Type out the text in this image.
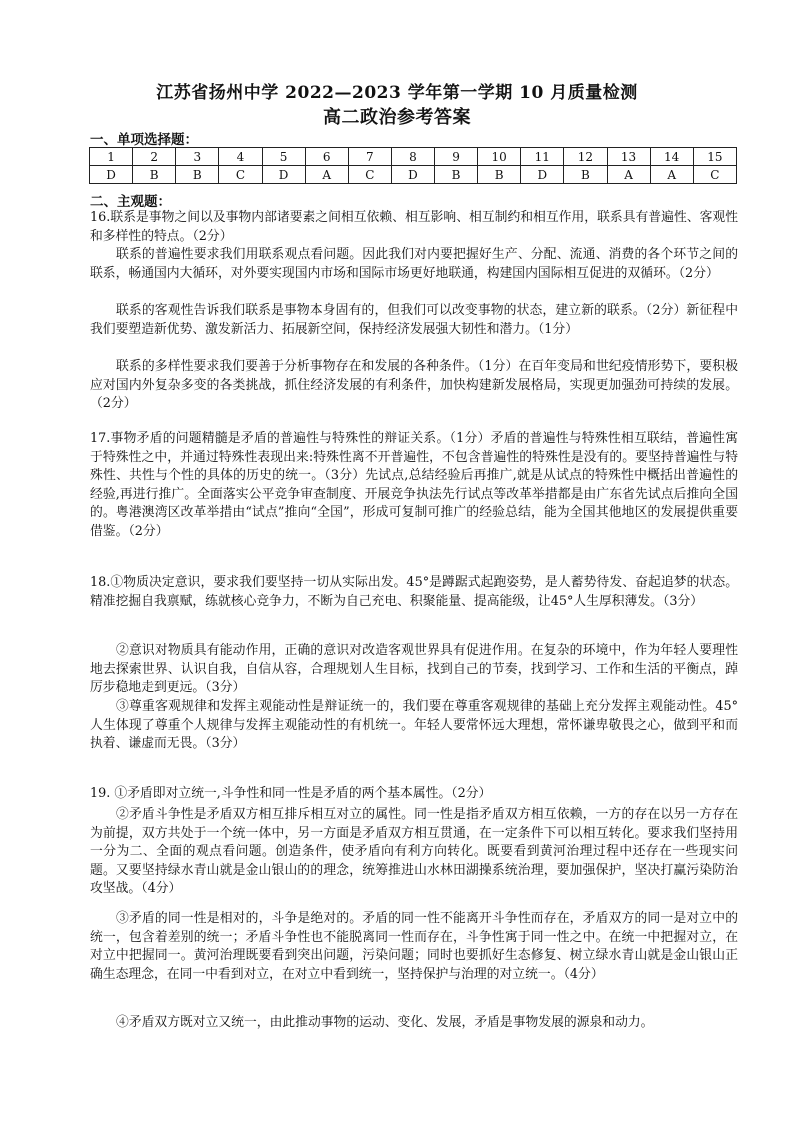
江苏省扬州中学 2022—2023 学年第一学期 10 月质量检测
高二政治参考答案
一、单项选择题：
1	2	3	4	5	6	7	8	9	10	11	12	13	14	15
D	B	B	C	D	A	C	D	B	B	D	B	A	A	C
二、主观题：

16.联系是事物之间以及事物内部诸要素之间相互依赖、相互影响、相互制约和相互作用，联系具有普遍性、客观性和多样性的特点。（2分）

联系的普遍性要求我们用联系观点看问题。因此我们对内要把握好生产、分配、流通、消费的各个环节之间的联系，畅通国内大循环，对外要实现国内市场和国际市场更好地联通，构建国内国际相互促进的双循环。（2分）

联系的客观性告诉我们联系是事物本身固有的，但我们可以改变事物的状态，建立新的联系。（2分）新征程中我们要塑造新优势、激发新活力、拓展新空间，保持经济发展强大韧性和潜力。（1分）

联系的多样性要求我们要善于分析事物存在和发展的各种条件。（1分）在百年变局和世纪疫情形势下，要积极应对国内外复杂多变的各类挑战，抓住经济发展的有利条件，加快构建新发展格局，实现更加强劲可持续的发展。（2分）

17.事物矛盾的问题精髓是矛盾的普遍性与特殊性的辩证关系。（1分）矛盾的普遍性与特殊性相互联结，普遍性寓于特殊性之中，并通过特殊性表现出来:特殊性离不开普遍性，不包含普遍性的特殊性是没有的。要坚持普遍性与特殊性、共性与个性的具体的历史的统一。（3分）先试点,总结经验后再推广,就是从试点的特殊性中概括出普遍性的经验,再进行推广。全面落实公平竞争审查制度、开展竞争执法先行试点等改革举措都是由广东省先试点后推向全国的。粤港澳湾区改革举措由“试点”推向“全国”，形成可复制可推广的经验总结，能为全国其他地区的发展提供重要借鉴。（2分）

18.①物质决定意识，要求我们要坚持一切从实际出发。45°是蹲踞式起跑姿势，是人蓄势待发、奋起追梦的状态。精准挖掘自我禀赋，练就核心竞争力，不断为自己充电、积聚能量、提高能级，让45°人生厚积薄发。（3分）

②意识对物质具有能动作用，正确的意识对改造客观世界具有促进作用。在复杂的环境中，作为年轻人要理性地去探索世界、认识自我，自信从容，合理规划人生目标，找到自己的节奏，找到学习、工作和生活的平衡点，踔厉步稳地走到更远。（3分）

③尊重客观规律和发挥主观能动性是辩证统一的，我们要在尊重客观规律的基础上充分发挥主观能动性。45°人生体现了尊重个人规律与发挥主观能动性的有机统一。年轻人要常怀远大理想，常怀谦卑敬畏之心，做到平和而执着、谦虚而无畏。（3分）

19. ①矛盾即对立统一,斗争性和同一性是矛盾的两个基本属性。（2分）

②矛盾斗争性是矛盾双方相互排斥相互对立的属性。同一性是指矛盾双方相互依赖，一方的存在以另一方存在为前提，双方共处于一个统一体中，另一方面是矛盾双方相互贯通，在一定条件下可以相互转化。要求我们坚持用一分为二、全面的观点看问题。创造条件，使矛盾向有利方向转化。既要看到黄河治理过程中还存在一些现实问题。又要坚持绿水青山就是金山银山的的理念，统筹推进山水林田湖操系统治理，要加强保护，坚决打赢污染防治攻坚战。（4分）

③矛盾的同一性是相对的，斗争是绝对的。矛盾的同一性不能离开斗争性而存在，矛盾双方的同一是对立中的统一，包含着差别的统一；矛盾斗争性也不能脱离同一性而存在，斗争性寓于同一性之中。在统一中把握对立，在对立中把握同一。黄河治理既要看到突出问题，污染问题；同时也要抓好生态修复、树立绿水青山就是金山银山正确生态理念，在同一中看到对立，在对立中看到统一，坚持保护与治理的对立统一。（4分）

④矛盾双方既对立又统一，由此推动事物的运动、变化、发展，矛盾是事物发展的源泉和动力。
